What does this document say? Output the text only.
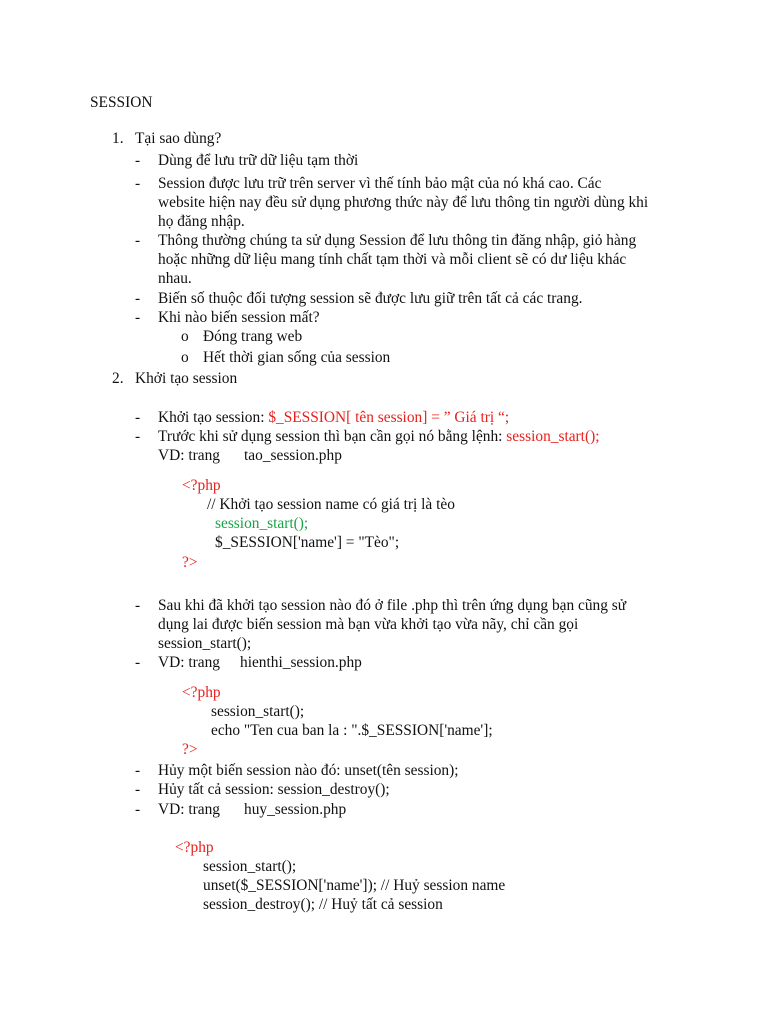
SESSION
1. Tại sao dùng?
- Dùng để lưu trữ dữ liệu tạm thời
- Session được lưu trữ trên server vì thế tính bảo mật của nó khá cao. Các
website hiện nay đều sử dụng phương thức này để lưu thông tin người dùng khi
họ đăng nhập.
- Thông thường chúng ta sử dụng Session để lưu thông tin đăng nhập, giỏ hàng
hoặc những dữ liệu mang tính chất tạm thời và mỗi client sẽ có dư liệu khác
nhau.
- Biến số thuộc đối tượng session sẽ được lưu giữ trên tất cả các trang.
- Khi nào biến session mất?
o Đóng trang web
o Hết thời gian sống của session
2. Khởi tạo session
- Khởi tạo session: $_SESSION[ tên session] = ” Giá trị “;
- Trước khi sử dụng session thì bạn cần gọi nó bằng lệnh: session_start();
VD: trang tao_session.php
<?php
// Khởi tạo session name có giá trị là tèo
session_start();
$_SESSION['name'] = "Tèo";
?>
- Sau khi đã khởi tạo session nào đó ở file .php thì trên ứng dụng bạn cũng sử
dụng lai được biến session mà bạn vừa khởi tạo vừa nãy, chỉ cần gọi
session_start();
- VD: trang hienthi_session.php
<?php
session_start();
echo "Ten cua ban la : ".$_SESSION['name'];
?>
- Hủy một biến session nào đó: unset(tên session);
- Hủy tất cả session: session_destroy();
- VD: trang huy_session.php
<?php
session_start();
unset($_SESSION['name']); // Huỷ session name
session_destroy(); // Huỷ tất cả session
